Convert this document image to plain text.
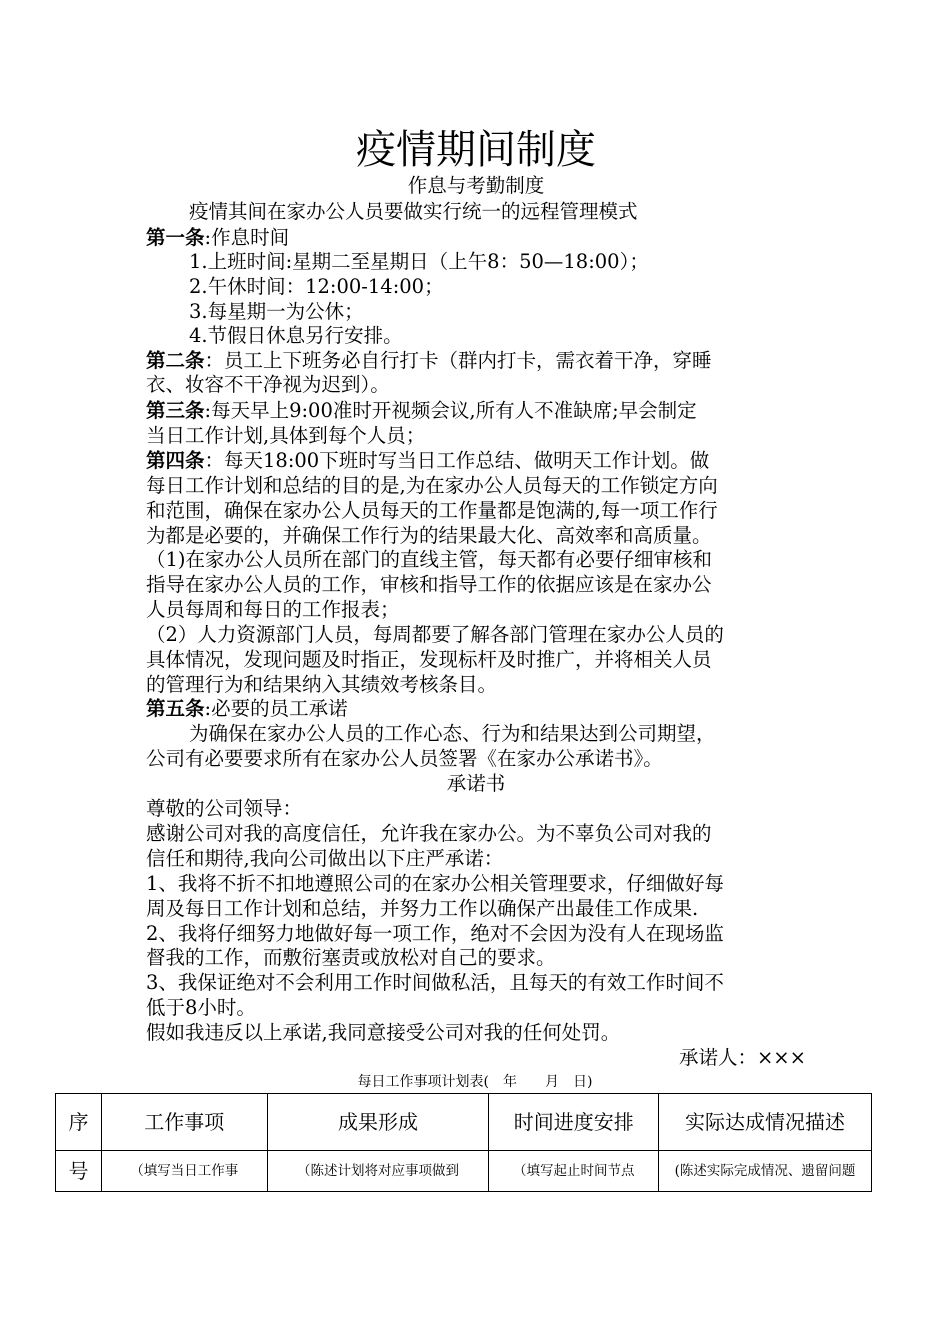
疫情期间制度
作息与考勤制度
疫情其间在家办公人员要做实行统一的远程管理模式
第一条:作息时间
1.上班时间:星期二至星期日（上午8：50—18:00）；
2.午休时间：12:00-14:00；
3.每星期一为公休；
4.节假日休息另行安排。
第二条：员工上下班务必自行打卡（群内打卡，需衣着干净，穿睡
衣、妆容不干净视为迟到）。
第三条:每天早上9:00准时开视频会议,所有人不准缺席;早会制定
当日工作计划,具体到每个人员；
第四条：每天18:00下班时写当日工作总结、做明天工作计划。做
每日工作计划和总结的目的是,为在家办公人员每天的工作锁定方向
和范围，确保在家办公人员每天的工作量都是饱满的,每一项工作行
为都是必要的，并确保工作行为的结果最大化、高效率和高质量。
（1)在家办公人员所在部门的直线主管，每天都有必要仔细审核和
指导在家办公人员的工作，审核和指导工作的依据应该是在家办公
人员每周和每日的工作报表；
（2）人力资源部门人员，每周都要了解各部门管理在家办公人员的
具体情况，发现问题及时指正，发现标杆及时推广，并将相关人员
的管理行为和结果纳入其绩效考核条目。
第五条:必要的员工承诺
为确保在家办公人员的工作心态、行为和结果达到公司期望，
公司有必要要求所有在家办公人员签署《在家办公承诺书》。
承诺书
尊敬的公司领导：
感谢公司对我的高度信任，允许我在家办公。为不辜负公司对我的
信任和期待,我向公司做出以下庄严承诺：
1、我将不折不扣地遵照公司的在家办公相关管理要求，仔细做好每
周及每日工作计划和总结，并努力工作以确保产出最佳工作成果.
2、我将仔细努力地做好每一项工作，绝对不会因为没有人在现场监
督我的工作，而敷衍塞责或放松对自己的要求。
3、我保证绝对不会利用工作时间做私活，且每天的有效工作时间不
低于8小时。
假如我违反以上承诺,我同意接受公司对我的任何处罚。
承诺人：×××
每日工作事项计划表(　年　　月　日)
序	工作事项	成果形成	时间进度安排	实际达成情况描述
号	（填写当日工作事	（陈述计划将对应事项做到	（填写起止时间节点	(陈述实际完成情况、遗留问题
